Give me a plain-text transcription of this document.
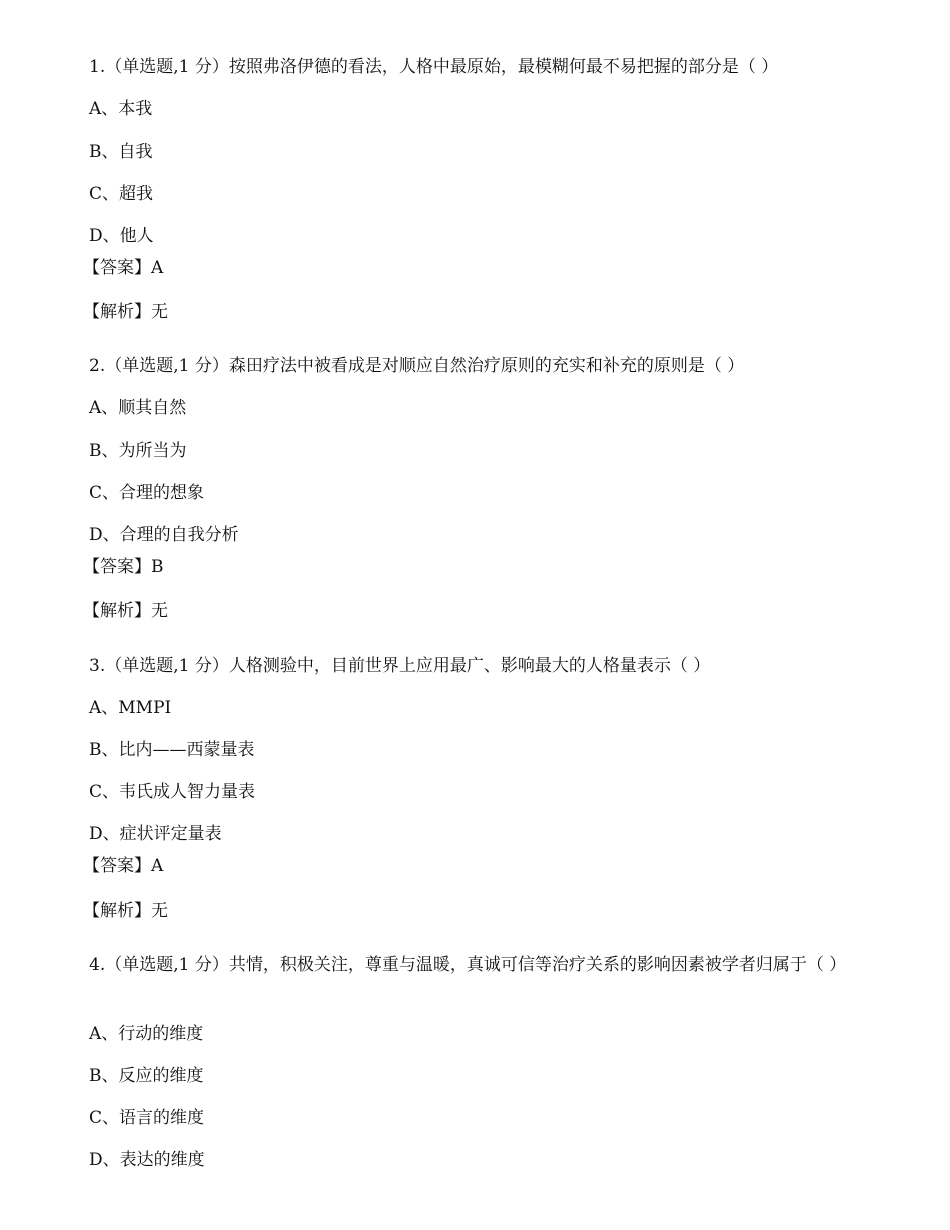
1.（单选题,1 分）按照弗洛伊德的看法，人格中最原始，最模糊何最不易把握的部分是（ ）
A、本我
B、自我
C、超我
D、他人
【答案】A
【解析】无
2.（单选题,1 分）森田疗法中被看成是对顺应自然治疗原则的充实和补充的原则是（ ）
A、顺其自然
B、为所当为
C、合理的想象
D、合理的自我分析
【答案】B
【解析】无
3.（单选题,1 分）人格测验中，目前世界上应用最广、影响最大的人格量表示（ ）
A、MMPI
B、比内——西蒙量表
C、韦氏成人智力量表
D、症状评定量表
【答案】A
【解析】无
4.（单选题,1 分）共情，积极关注，尊重与温暖，真诚可信等治疗关系的影响因素被学者归属于（ ）
A、行动的维度
B、反应的维度
C、语言的维度
D、表达的维度
